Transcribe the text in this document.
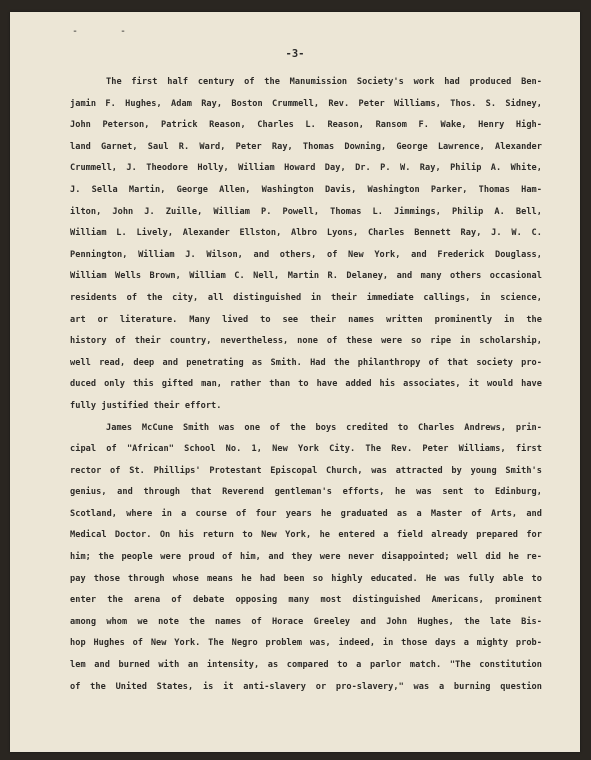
- -
-3-
The first half century of the Manumission Society's work had produced Ben-
jamin F. Hughes, Adam Ray, Boston Crummell, Rev. Peter Williams, Thos. S. Sidney,
John Peterson, Patrick Reason, Charles L. Reason, Ransom F. Wake, Henry High-
land Garnet, Saul R. Ward, Peter Ray, Thomas Downing, George Lawrence, Alexander
Crummell, J. Theodore Holly, William Howard Day, Dr. P. W. Ray, Philip A. White,
J. Sella Martin, George Allen, Washington Davis, Washington Parker, Thomas Ham-
ilton, John J. Zuille, William P. Powell, Thomas L. Jimmings, Philip A. Bell,
William L. Lively, Alexander Ellston, Albro Lyons, Charles Bennett Ray, J. W. C.
Pennington, William J. Wilson, and others, of New York, and Frederick Douglass,
William Wells Brown, William C. Nell, Martin R. Delaney, and many others occasional
residents of the city, all distinguished in their immediate callings, in science,
art or literature. Many lived to see their names written prominently in the
history of their country, nevertheless, none of these were so ripe in scholarship,
well read, deep and penetrating as Smith. Had the philanthropy of that society pro-
duced only this gifted man, rather than to have added his associates, it would have
fully justified their effort.
James McCune Smith was one of the boys credited to Charles Andrews, prin-
cipal of "African" School No. 1, New York City. The Rev. Peter Williams, first
rector of St. Phillips' Protestant Episcopal Church, was attracted by young Smith's
genius, and through that Reverend gentleman's efforts, he was sent to Edinburg,
Scotland, where in a course of four years he graduated as a Master of Arts, and
Medical Doctor. On his return to New York, he entered a field already prepared for
him; the people were proud of him, and they were never disappointed; well did he re-
pay those through whose means he had been so highly educated. He was fully able to
enter the arena of debate opposing many most distinguished Americans, prominent
among whom we note the names of Horace Greeley and John Hughes, the late Bis-
hop Hughes of New York. The Negro problem was, indeed, in those days a mighty prob-
lem and burned with an intensity, as compared to a parlor match. "The constitution
of the United States, is it anti-slavery or pro-slavery," was a burning question
